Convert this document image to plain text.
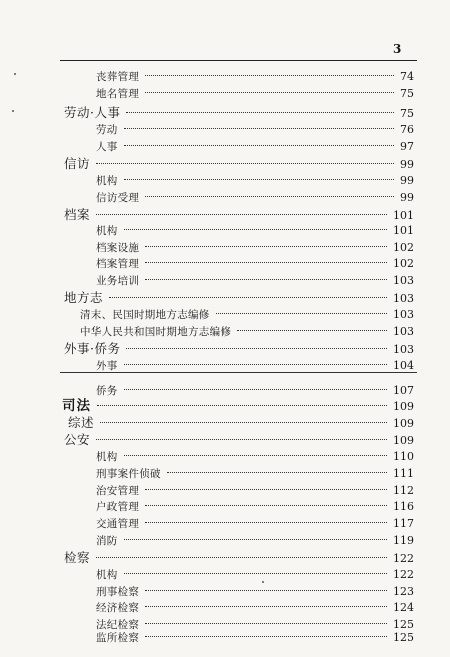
3
丧葬管理	74
地名管理	75
劳动·人事	75
劳动	76
人事	97
信访	99
机构	99
信访受理	99
档案	101
机构	101
档案设施	102
档案管理	102
业务培训	103
地方志	103
清末、民国时期地方志编修	103
中华人民共和国时期地方志编修	103
外事·侨务	103
外事	104
侨务	107
司法	109
综述	109
公安	109
机构	110
刑事案件侦破	111
治安管理	112
户政管理	116
交通管理	117
消防	119
检察	122
机构	122
刑事检察	123
经济检察	124
法纪检察	125
监所检察	125
